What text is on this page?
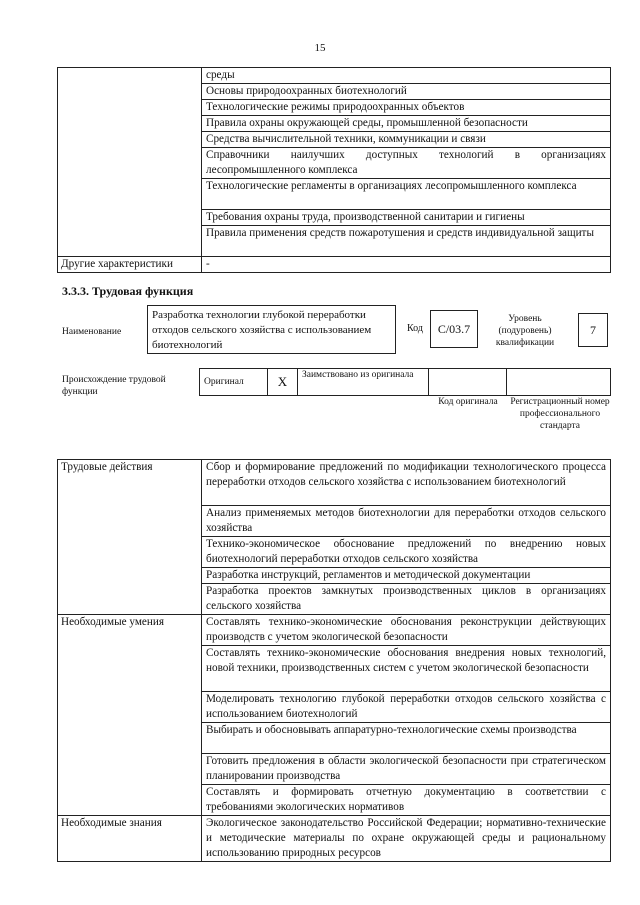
15
	среды
	Основы природоохранных биотехнологий
	Технологические режимы природоохранных объектов
	Правила охраны окружающей среды, промышленной безопасности
	Средства вычислительной техники, коммуникации и связи
	Справочники наилучших доступных технологий в организациях лесопромышленного комплекса
	Технологические регламенты в организациях лесопромышленного комплекса
	Требования охраны труда, производственной санитарии и гигиены
	Правила применения средств пожаротушения и средств индивидуальной защиты
Другие характеристики	-
3.3.3. Трудовая функция
Наименование
Разработка технологии глубокой переработки отходов сельского хозяйства с использованием биотехнологий
Код	C/03.7
Уровень (подуровень) квалификации
7
Происхождение трудовой функции
Оригинал	X	Заимствовано из оригинала		
Код оригинала	Регистрационный номер профессионального стандарта
Трудовые действия	Сбор и формирование предложений по модификации технологического процесса переработки отходов сельского хозяйства с использованием биотехнологий
	Анализ применяемых методов биотехнологии для переработки отходов сельского хозяйства
	Технико-экономическое обоснование предложений по внедрению новых биотехнологий переработки отходов сельского хозяйства
	Разработка инструкций, регламентов и методической документации
	Разработка проектов замкнутых производственных циклов в организациях сельского хозяйства
Необходимые умения	Составлять технико-экономические обоснования реконструкции действующих производств с учетом экологической безопасности
	Составлять технико-экономические обоснования внедрения новых технологий, новой техники, производственных систем с учетом экологической безопасности
	Моделировать технологию глубокой переработки отходов сельского хозяйства с использованием биотехнологий
	Выбирать и обосновывать аппаратурно-технологические схемы производства
	Готовить предложения в области экологической безопасности при стратегическом планировании производства
	Составлять и формировать отчетную документацию в соответствии с требованиями экологических нормативов
Необходимые знания	Экологическое законодательство Российской Федерации; нормативно-технические и методические материалы по охране окружающей среды и рациональному использованию природных ресурсов
